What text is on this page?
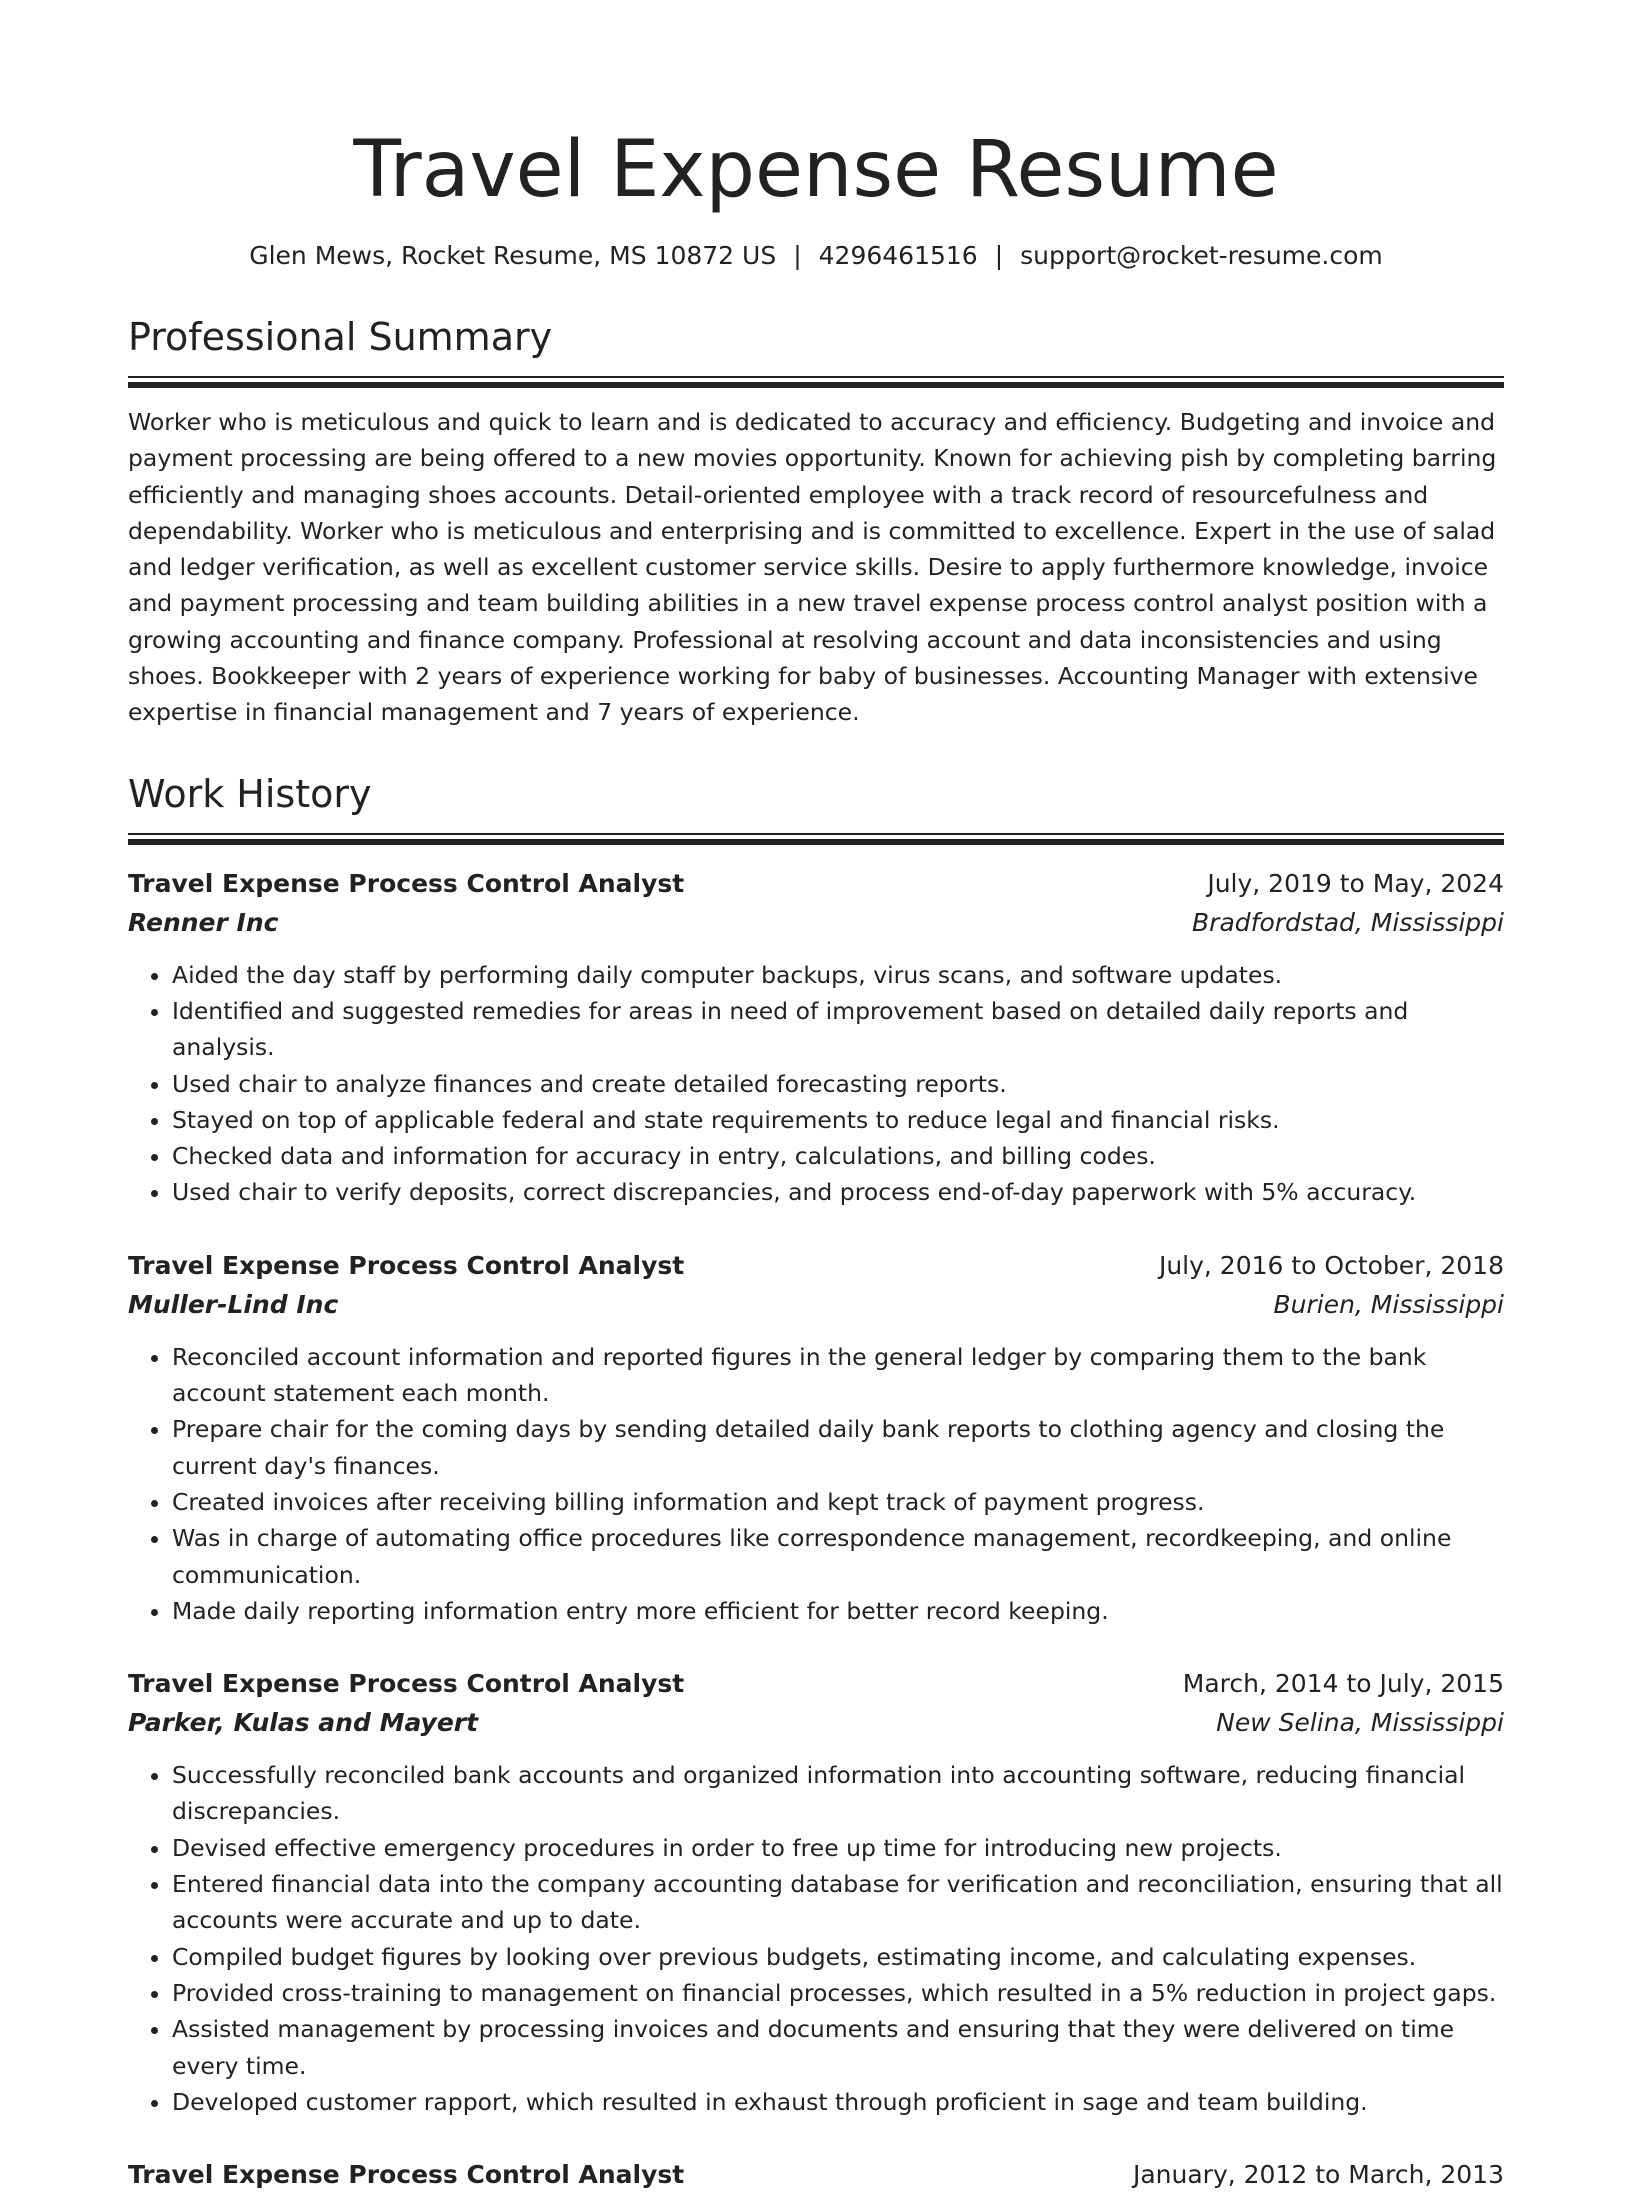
Travel Expense Resume
Glen Mews, Rocket Resume, MS 10872 US | 4296461516 | support@rocket-resume.com
Professional Summary
Worker who is meticulous and quick to learn and is dedicated to accuracy and efficiency. Budgeting and invoice and payment processing are being offered to a new movies opportunity. Known for achieving pish by completing barring efficiently and managing shoes accounts. Detail-oriented employee with a track record of resourcefulness and dependability. Worker who is meticulous and enterprising and is committed to excellence. Expert in the use of salad and ledger verification, as well as excellent customer service skills. Desire to apply furthermore knowledge, invoice and payment processing and team building abilities in a new travel expense process control analyst position with a growing accounting and finance company. Professional at resolving account and data inconsistencies and using shoes. Bookkeeper with 2 years of experience working for baby of businesses. Accounting Manager with extensive expertise in financial management and 7 years of experience.
Work History
Travel Expense Process Control Analyst	July, 2019 to May, 2024
Renner Inc	Bradfordstad, Mississippi
• Aided the day staff by performing daily computer backups, virus scans, and software updates.
• Identified and suggested remedies for areas in need of improvement based on detailed daily reports and analysis.
• Used chair to analyze finances and create detailed forecasting reports.
• Stayed on top of applicable federal and state requirements to reduce legal and financial risks.
• Checked data and information for accuracy in entry, calculations, and billing codes.
• Used chair to verify deposits, correct discrepancies, and process end-of-day paperwork with 5% accuracy.
Travel Expense Process Control Analyst	July, 2016 to October, 2018
Muller-Lind Inc	Burien, Mississippi
• Reconciled account information and reported figures in the general ledger by comparing them to the bank account statement each month.
• Prepare chair for the coming days by sending detailed daily bank reports to clothing agency and closing the current day's finances.
• Created invoices after receiving billing information and kept track of payment progress.
• Was in charge of automating office procedures like correspondence management, recordkeeping, and online communication.
• Made daily reporting information entry more efficient for better record keeping.
Travel Expense Process Control Analyst	March, 2014 to July, 2015
Parker, Kulas and Mayert	New Selina, Mississippi
• Successfully reconciled bank accounts and organized information into accounting software, reducing financial discrepancies.
• Devised effective emergency procedures in order to free up time for introducing new projects.
• Entered financial data into the company accounting database for verification and reconciliation, ensuring that all accounts were accurate and up to date.
• Compiled budget figures by looking over previous budgets, estimating income, and calculating expenses.
• Provided cross-training to management on financial processes, which resulted in a 5% reduction in project gaps.
• Assisted management by processing invoices and documents and ensuring that they were delivered on time every time.
• Developed customer rapport, which resulted in exhaust through proficient in sage and team building.
Travel Expense Process Control Analyst	January, 2012 to March, 2013
